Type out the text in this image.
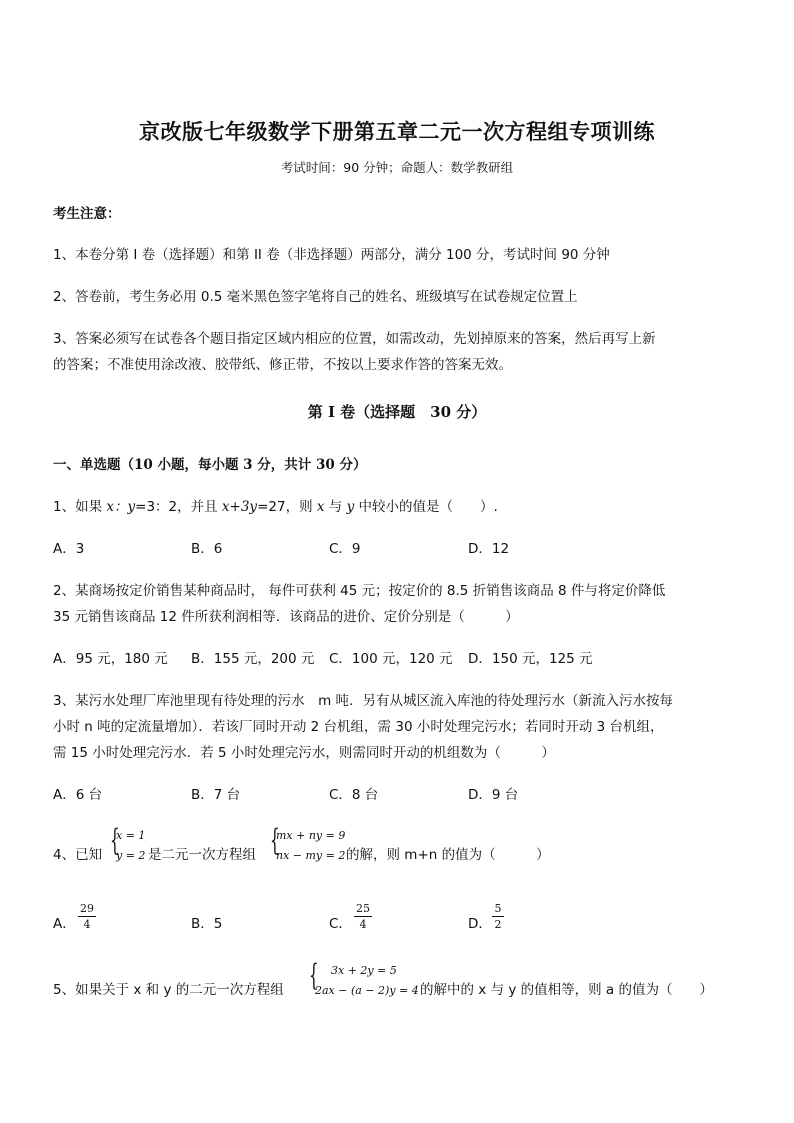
京改版七年级数学下册第五章二元一次方程组专项训练
考试时间：90 分钟；命题人：数学教研组
考生注意：
1、本卷分第 I 卷（选择题）和第 II 卷（非选择题）两部分，满分 100 分，考试时间 90 分钟
2、答卷前，考生务必用 0.5 毫米黑色签字笔将自己的姓名、班级填写在试卷规定位置上
3、答案必须写在试卷各个题目指定区域内相应的位置，如需改动，先划掉原来的答案，然后再写上新
的答案；不准使用涂改液、胶带纸、修正带，不按以上要求作答的答案无效。
第 I 卷（选择题　30 分）
一、单选题（10 小题，每小题 3 分，共计 30 分）
1、如果 x：y=3：2，并且 x+3y=27，则 x 与 y 中较小的值是（　　）.
A．3	B．6	C．9	D．12
2、某商场按定价销售某种商品时， 每件可获利 45 元；按定价的 8.5 折销售该商品 8 件与将定价降低
35 元销售该商品 12 件所获利润相等．该商品的进价、定价分别是（　　　）
A．95 元，180 元 B．155 元，200 元 C．100 元，120 元 D．150 元，125 元
3、某污水处理厂库池里现有待处理的污水　m 吨．另有从城区流入库池的待处理污水（新流入污水按每
小时 n 吨的定流量增加）．若该厂同时开动 2 台机组，需 30 小时处理完污水；若同时开动 3 台机组，
需 15 小时处理完污水．若 5 小时处理完污水，则需同时开动的机组数为（　　　）
A．6 台	B．7 台	C．8 台	D．9 台
4、已知 {
x = 1
y = 2 是二元一次方程组 {
mx + ny = 9
nx − my = 2 的解，则 m+n 的值为（　　　）
A．
29
4	B．5	C．
25
4	D．
5
2
5、如果关于 x 和 y 的二元一次方程组 { 3x + 2y = 5
2ax − (a − 2)y = 4 的解中的 x 与 y 的值相等，则 a 的值为（　　）
